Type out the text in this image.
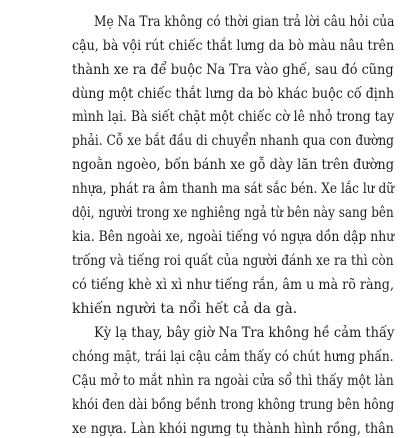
Mẹ Na Tra không có thời gian trả lời câu hỏi của
cậu, bà vội rút chiếc thắt lưng da bò màu nâu trên
thành xe ra để buộc Na Tra vào ghế, sau đó cũng
dùng một chiếc thắt lưng da bò khác buộc cố định
mình lại. Bà siết chặt một chiếc cờ lê nhỏ trong tay
phải. Cỗ xe bắt đầu di chuyển nhanh qua con đường
ngoằn ngoèo, bốn bánh xe gỗ dày lăn trên đường
nhựa, phát ra âm thanh ma sát sắc bén. Xe lắc lư dữ
dội, người trong xe nghiêng ngả từ bên này sang bên
kia. Bên ngoài xe, ngoài tiếng vó ngựa dồn dập như
trống và tiếng roi quất của người đánh xe ra thì còn
có tiếng khè xì xì như tiếng rắn, âm u mà rõ ràng,
khiến người ta nổi hết cả da gà.
Kỳ lạ thay, bây giờ Na Tra không hề cảm thấy
chóng mặt, trái lại cậu cảm thấy có chút hưng phấn.
Cậu mở to mắt nhìn ra ngoài cửa sổ thì thấy một làn
khói đen dài bồng bềnh trong không trung bên hông
xe ngựa. Làn khói ngưng tụ thành hình rồng, thân
